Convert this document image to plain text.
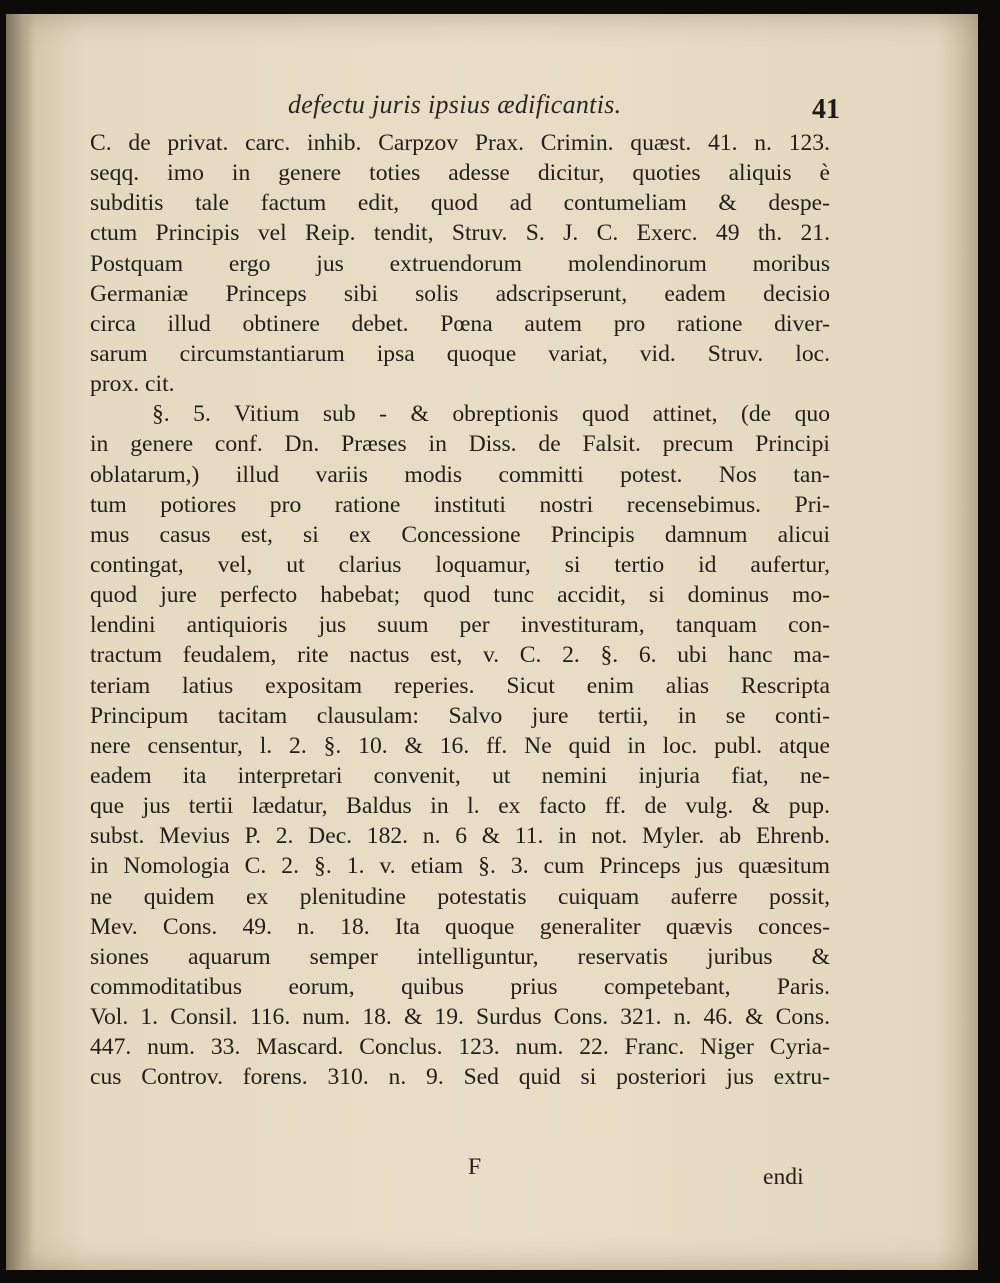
defectu juris ipsius ædificantis.	41
C. de privat. carc. inhib. Carpzov Prax. Crimin. quæst. 41. n. 123.
seqq. imo in genere toties adesse dicitur, quoties aliquis è
subditis tale factum edit, quod ad contumeliam & despe-
ctum Principis vel Reip. tendit, Struv. S. J. C. Exerc. 49 th. 21.
Postquam ergo jus extruendorum molendinorum moribus
Germaniæ Princeps sibi solis adscripserunt, eadem decisio
circa illud obtinere debet. Pœna autem pro ratione diver-
sarum circumstantiarum ipsa quoque variat, vid. Struv. loc.
prox. cit.
§. 5. Vitium sub - & obreptionis quod attinet, (de quo
in genere conf. Dn. Præses in Diss. de Falsit. precum Principi
oblatarum,) illud variis modis committi potest. Nos tan-
tum potiores pro ratione instituti nostri recensebimus. Pri-
mus casus est, si ex Concessione Principis damnum alicui
contingat, vel, ut clarius loquamur, si tertio id aufertur,
quod jure perfecto habebat; quod tunc accidit, si dominus mo-
lendini antiquioris jus suum per investituram, tanquam con-
tractum feudalem, rite nactus est, v. C. 2. §. 6. ubi hanc ma-
teriam latius expositam reperies. Sicut enim alias Rescripta
Principum tacitam clausulam: Salvo jure tertii, in se conti-
nere censentur, l. 2. §. 10. & 16. ff. Ne quid in loc. publ. atque
eadem ita interpretari convenit, ut nemini injuria fiat, ne-
que jus tertii lædatur, Baldus in l. ex facto ff. de vulg. & pup.
subst. Mevius P. 2. Dec. 182. n. 6 & 11. in not. Myler. ab Ehrenb.
in Nomologia C. 2. §. 1. v. etiam §. 3. cum Princeps jus quæsitum
ne quidem ex plenitudine potestatis cuiquam auferre possit,
Mev. Cons. 49. n. 18. Ita quoque generaliter quævis conces-
siones aquarum semper intelliguntur, reservatis juribus &
commoditatibus eorum, quibus prius competebant, Paris.
Vol. 1. Consil. 116. num. 18. & 19. Surdus Cons. 321. n. 46. & Cons.
447. num. 33. Mascard. Conclus. 123. num. 22. Franc. Niger Cyria-
cus Controv. forens. 310. n. 9. Sed quid si posteriori jus extru-
F	endi
